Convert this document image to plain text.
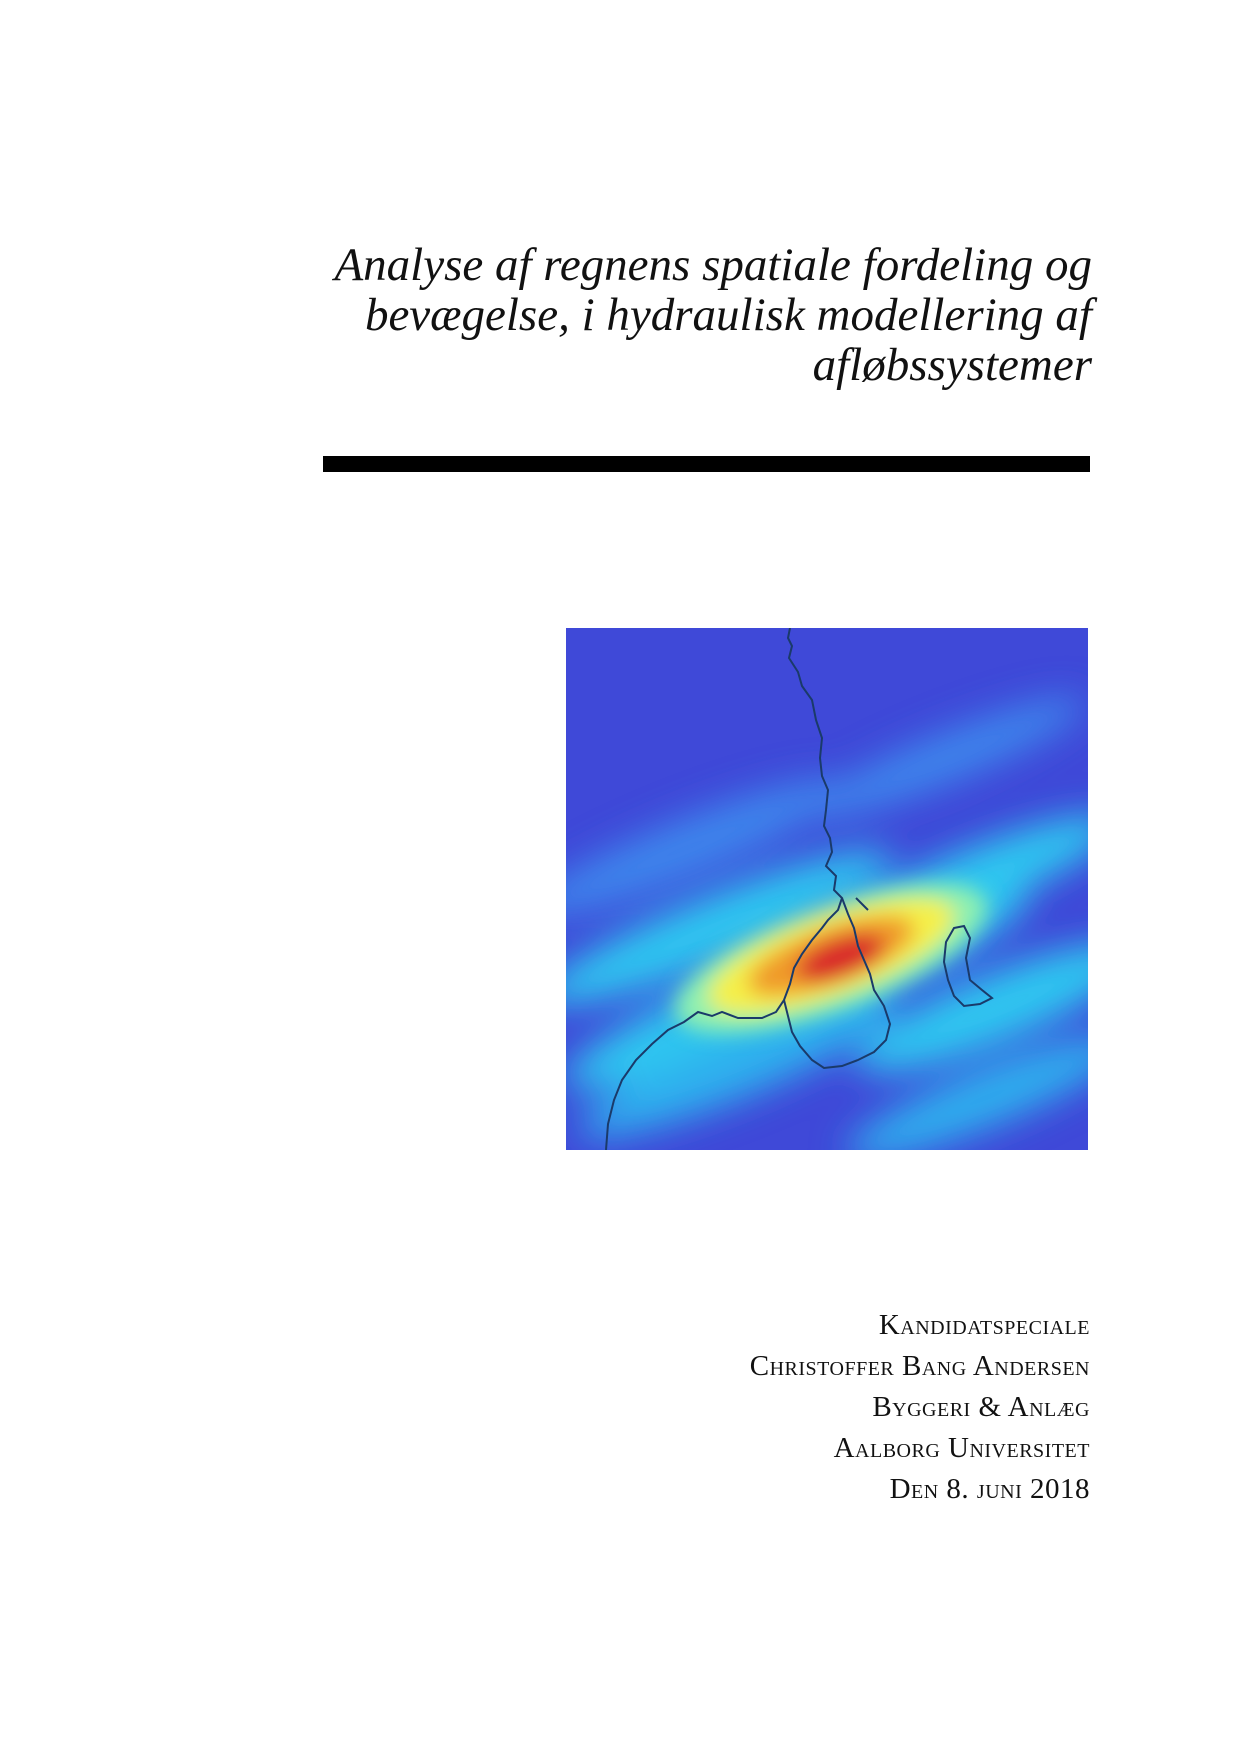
Analyse af regnens spatiale fordeling og
bevægelse, i hydraulisk modellering af
afløbssystemer
Kandidatspeciale
Christoffer Bang Andersen
Byggeri & Anlæg
Aalborg Universitet
Den 8. juni 2018
